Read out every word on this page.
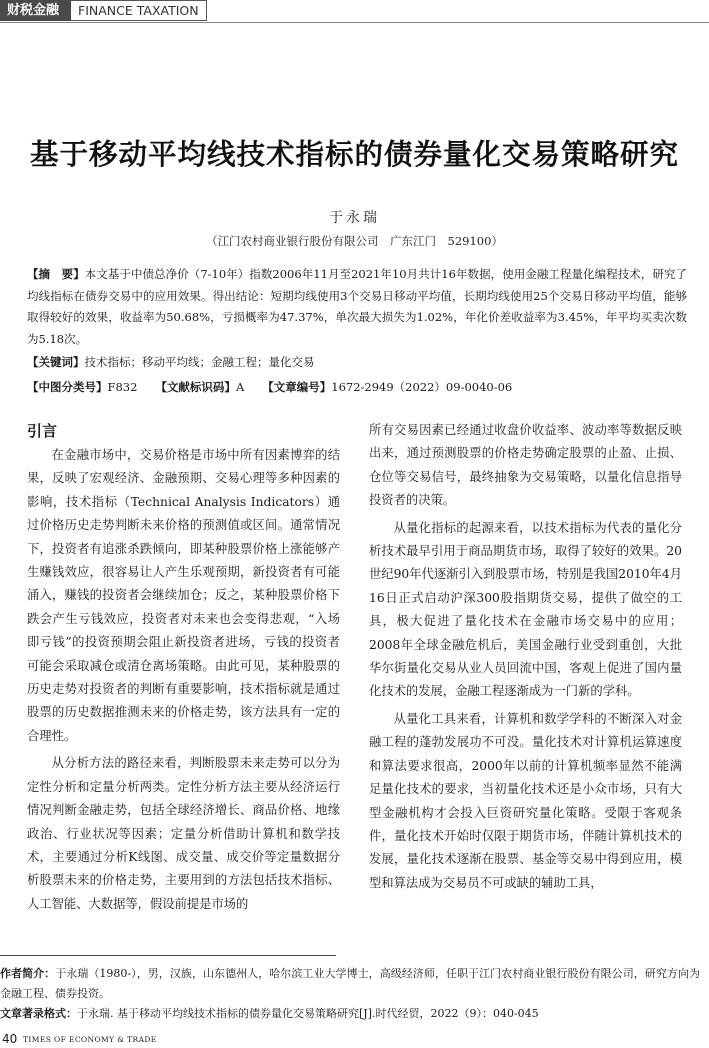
财税金融	FINANCE TAXATION
基于移动平均线技术指标的债券量化交易策略研究
于永瑞
（江门农村商业银行股份有限公司　广东江门　529100）
【摘　要】本文基于中债总净价（7-10年）指数2006年11月至2021年10月共计16年数据，使用金融工程量化编程技术，研究了均线指标在债券交易中的应用效果。得出结论：短期均线使用3个交易日移动平均值，长期均线使用25个交易日移动平均值，能够取得较好的效果，收益率为50.68%，亏损概率为47.37%，单次最大损失为1.02%，年化价差收益率为3.45%，年平均买卖次数为5.18次。
【关键词】技术指标；移动平均线；金融工程；量化交易
【中图分类号】F832 【文献标识码】A 【文章编号】1672-2949（2022）09-0040-06
引言

在金融市场中，交易价格是市场中所有因素博弈的结果，反映了宏观经济、金融预期、交易心理等多种因素的影响，技术指标（Technical Analysis Indicators）通过价格历史走势判断未来价格的预测值或区间。通常情况下，投资者有追涨杀跌倾向，即某种股票价格上涨能够产生赚钱效应，很容易让人产生乐观预期，新投资者有可能涌入，赚钱的投资者会继续加仓；反之，某种股票价格下跌会产生亏钱效应，投资者对未来也会变得悲观，“入场即亏钱”的投资预期会阻止新投资者进场，亏钱的投资者可能会采取减仓或清仓离场策略。由此可见，某种股票的历史走势对投资者的判断有重要影响，技术指标就是通过股票的历史数据推测未来的价格走势，该方法具有一定的合理性。

从分析方法的路径来看，判断股票未来走势可以分为定性分析和定量分析两类。定性分析方法主要从经济运行情况判断金融走势，包括全球经济增长、商品价格、地缘政治、行业状况等因素；定量分析借助计算机和数学技术，主要通过分析K线图、成交量、成交价等定量数据分析股票未来的价格走势，主要用到的方法包括技术指标、人工智能、大数据等，假设前提是市场的

所有交易因素已经通过收盘价收益率、波动率等数据反映出来，通过预测股票的价格走势确定股票的止盈、止损、仓位等交易信号，最终抽象为交易策略，以量化信息指导投资者的决策。

从量化指标的起源来看，以技术指标为代表的量化分析技术最早引用于商品期货市场，取得了较好的效果。20世纪90年代逐渐引入到股票市场，特别是我国2010年4月16日正式启动沪深300股指期货交易，提供了做空的工具，极大促进了量化技术在金融市场交易中的应用；2008年全球金融危机后，美国金融行业受到重创，大批华尔街量化交易从业人员回流中国，客观上促进了国内量化技术的发展，金融工程逐渐成为一门新的学科。

从量化工具来看，计算机和数学学科的不断深入对金融工程的蓬勃发展功不可没。量化技术对计算机运算速度和算法要求很高，2000年以前的计算机频率显然不能满足量化技术的要求，当初量化技术还是小众市场，只有大型金融机构才会投入巨资研究量化策略。受限于客观条件，量化技术开始时仅限于期货市场，伴随计算机技术的发展，量化技术逐渐在股票、基金等交易中得到应用，模型和算法成为交易员不可或缺的辅助工具，

作者简介：于永瑞（1980-），男，汉族，山东德州人，哈尔滨工业大学博士，高级经济师，任职于江门农村商业银行股份有限公司，研究方向为金融工程、债券投资。
文章著录格式：于永瑞. 基于移动平均线技术指标的债券量化交易策略研究[J].时代经贸，2022（9）：040-045
40 TIMES OF ECONOMY & TRADE
